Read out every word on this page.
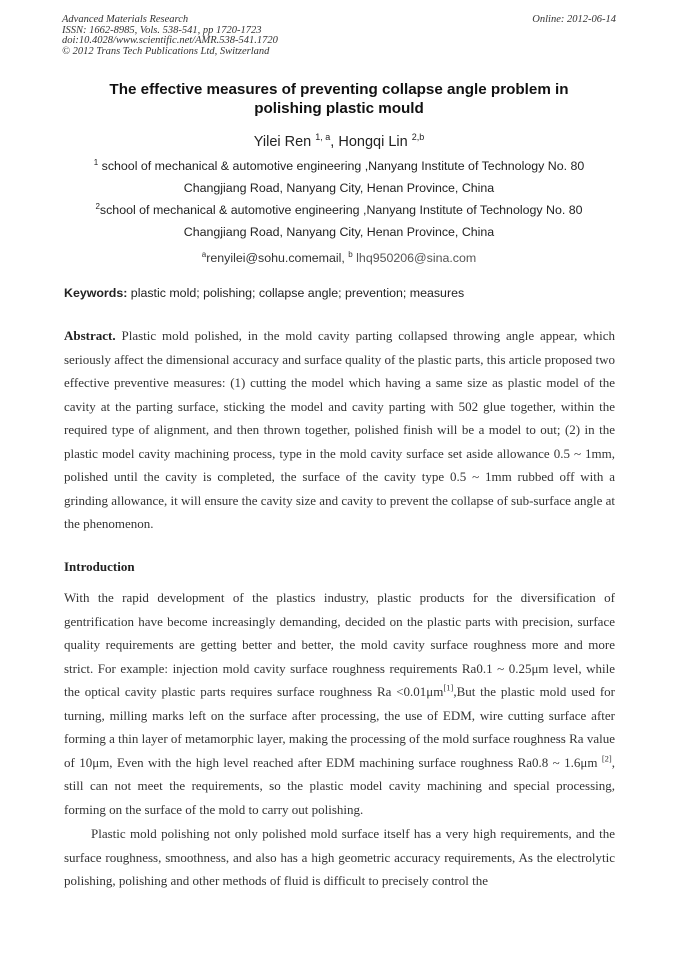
Advanced Materials Research	Online: 2012-06-14
ISSN: 1662-8985, Vols. 538-541, pp 1720-1723
doi:10.4028/www.scientific.net/AMR.538-541.1720
© 2012 Trans Tech Publications Ltd, Switzerland
The effective measures of preventing collapse angle problem in
polishing plastic mould
Yilei Ren $^{1, a}$, Hongqi Lin $^{2,b}$
$^1$ school of mechanical & automotive engineering ,Nanyang Institute of Technology No. 80
Changjiang Road, Nanyang City, Henan Province, China
$^2$school of mechanical & automotive engineering ,Nanyang Institute of Technology No. 80
Changjiang Road, Nanyang City, Henan Province, China
$^a$renyilei@sohu.comemail, $^b$ lhq950206@sina.com
Keywords: plastic mold; polishing; collapse angle; prevention; measures
Abstract. Plastic mold polished, in the mold cavity parting collapsed throwing angle appear, which seriously affect the dimensional accuracy and surface quality of the plastic parts, this article proposed two effective preventive measures: (1) cutting the model which having a same size as plastic model of the cavity at the parting surface, sticking the model and cavity parting with 502 glue together, within the required type of alignment, and then thrown together, polished finish will be a model to out; (2) in the plastic model cavity machining process, type in the mold cavity surface set aside allowance 0.5 ~ 1mm, polished until the cavity is completed, the surface of the cavity type 0.5 ~ 1mm rubbed off with a grinding allowance, it will ensure the cavity size and cavity to prevent the collapse of sub-surface angle at the phenomenon.
Introduction
With the rapid development of the plastics industry, plastic products for the diversification of gentrification have become increasingly demanding, decided on the plastic parts with precision, surface quality requirements are getting better and better, the mold cavity surface roughness more and more strict. For example: injection mold cavity surface roughness requirements Ra0.1 ~ 0.25μm level, while the optical cavity plastic parts requires surface roughness Ra <0.01μm[1],But the plastic mold used for turning, milling marks left on the surface after processing, the use of EDM, wire cutting surface after forming a thin layer of metamorphic layer, making the processing of the mold surface roughness Ra value of 10μm, Even with the high level reached after EDM machining surface roughness Ra0.8 ~ 1.6μm [2], still can not meet the requirements, so the plastic model cavity machining and special processing, forming on the surface of the mold to carry out polishing.
Plastic mold polishing not only polished mold surface itself has a very high requirements, and the surface roughness, smoothness, and also has a high geometric accuracy requirements, As the electrolytic polishing, polishing and other methods of fluid is difficult to precisely control the
